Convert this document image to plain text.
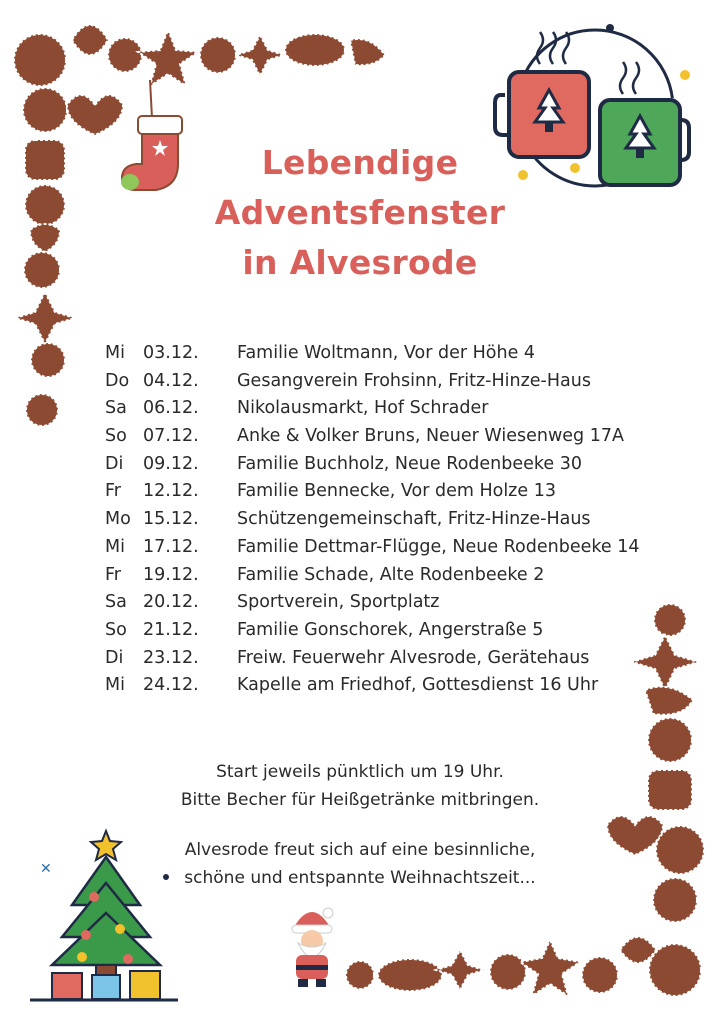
Lebendige
Adventsfenster
in Alvesrode
Mi 03.12. Familie Woltmann, Vor der Höhe 4
Do 04.12. Gesangverein Frohsinn, Fritz-Hinze-Haus
Sa 06.12. Nikolausmarkt, Hof Schrader
So 07.12. Anke & Volker Bruns, Neuer Wiesenweg 17A
Di 09.12. Familie Buchholz, Neue Rodenbeeke 30
Fr 12.12. Familie Bennecke, Vor dem Holze 13
Mo 15.12. Schützengemeinschaft, Fritz-Hinze-Haus
Mi 17.12. Familie Dettmar-Flügge, Neue Rodenbeeke 14
Fr 19.12. Familie Schade, Alte Rodenbeeke 2
Sa 20.12. Sportverein, Sportplatz
So 21.12. Familie Gonschorek, Angerstraße 5
Di 23.12. Freiw. Feuerwehr Alvesrode, Gerätehaus
Mi 24.12. Kapelle am Friedhof, Gottesdienst 16 Uhr

Start jeweils pünktlich um 19 Uhr.

Bitte Becher für Heißgetränke mitbringen.

Alvesrode freut sich auf eine besinnliche,

schöne und entspannte Weihnachtszeit...

✕
